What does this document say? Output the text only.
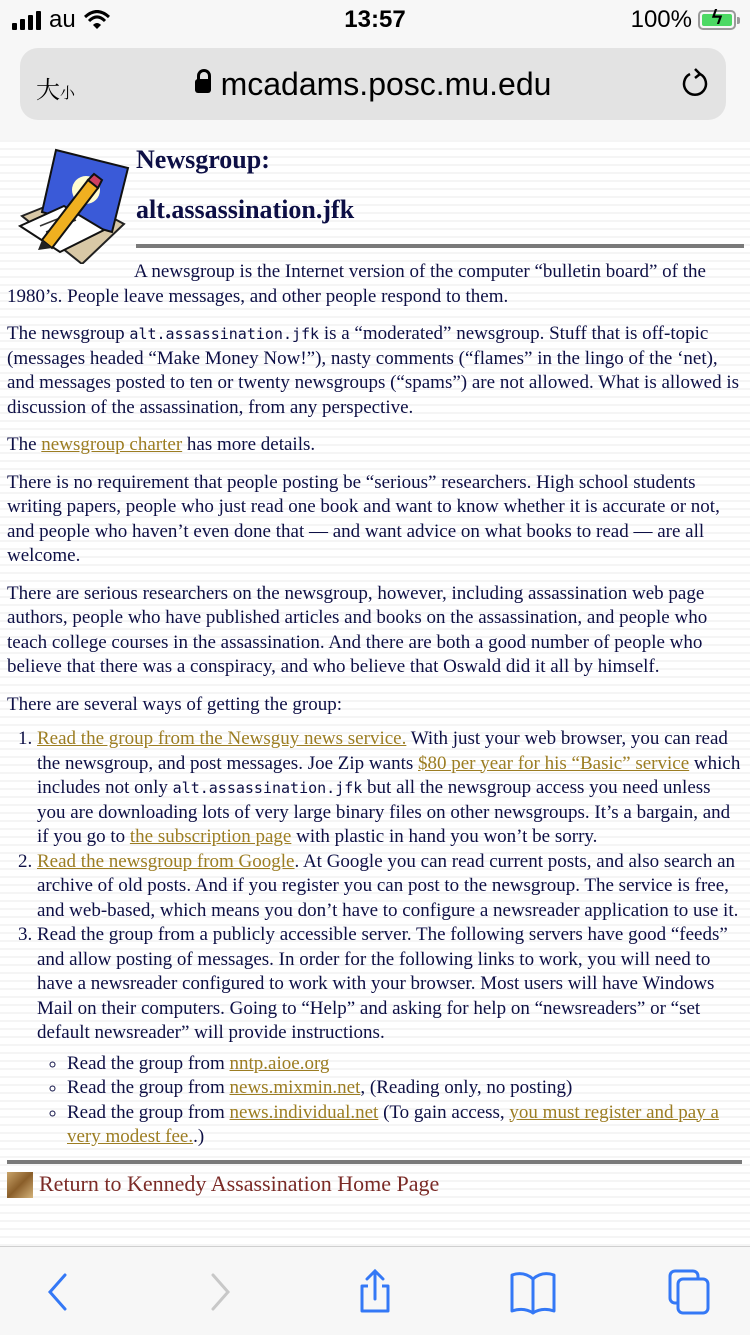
au	13:57	100% ϟ
大小	mcadams.posc.mu.edu
Newsgroup:
alt.assassination.jfk

A newsgroup is the Internet version of the computer “bulletin board” of the 1980’s. People leave messages, and other people respond to them.

The newsgroup alt.assassination.jfk is a “moderated” newsgroup. Stuff that is off-topic (messages headed “Make Money Now!”), nasty comments (“flames” in the lingo of the ‘net), and messages posted to ten or twenty newsgroups (“spams”) are not allowed. What is allowed is discussion of the assassination, from any perspective.

The newsgroup charter has more details.

There is no requirement that people posting be “serious” researchers. High school students writing papers, people who just read one book and want to know whether it is accurate or not, and people who haven’t even done that — and want advice on what books to read — are all welcome.

There are serious researchers on the newsgroup, however, including assassination web page authors, people who have published articles and books on the assassination, and people who teach college courses in the assassination. And there are both a good number of people who believe that there was a conspiracy, and who believe that Oswald did it all by himself.

There are several ways of getting the group:

1. Read the group from the Newsguy news service. With just your web browser, you can read the newsgroup, and post messages. Joe Zip wants $80 per year for his “Basic” service which includes not only alt.assassination.jfk but all the newsgroup access you need unless you are downloading lots of very large binary files on other newsgroups. It’s a bargain, and if you go to the subscription page with plastic in hand you won’t be sorry.
2. Read the newsgroup from Google. At Google you can read current posts, and also search an archive of old posts. And if you register you can post to the newsgroup. The service is free, and web-based, which means you don’t have to configure a newsreader application to use it.
3. Read the group from a publicly accessible server. The following servers have good “feeds” and allow posting of messages. In order for the following links to work, you will need to have a newsreader configured to work with your browser. Most users will have Windows Mail on their computers. Going to “Help” and asking for help on “newsreaders” or “set default newsreader” will provide instructions.
◦ Read the group from nntp.aioe.org
◦ Read the group from news.mixmin.net, (Reading only, no posting)
◦ Read the group from news.individual.net (To gain access, you must register and pay a very modest fee..)
Return to Kennedy Assassination Home Page
